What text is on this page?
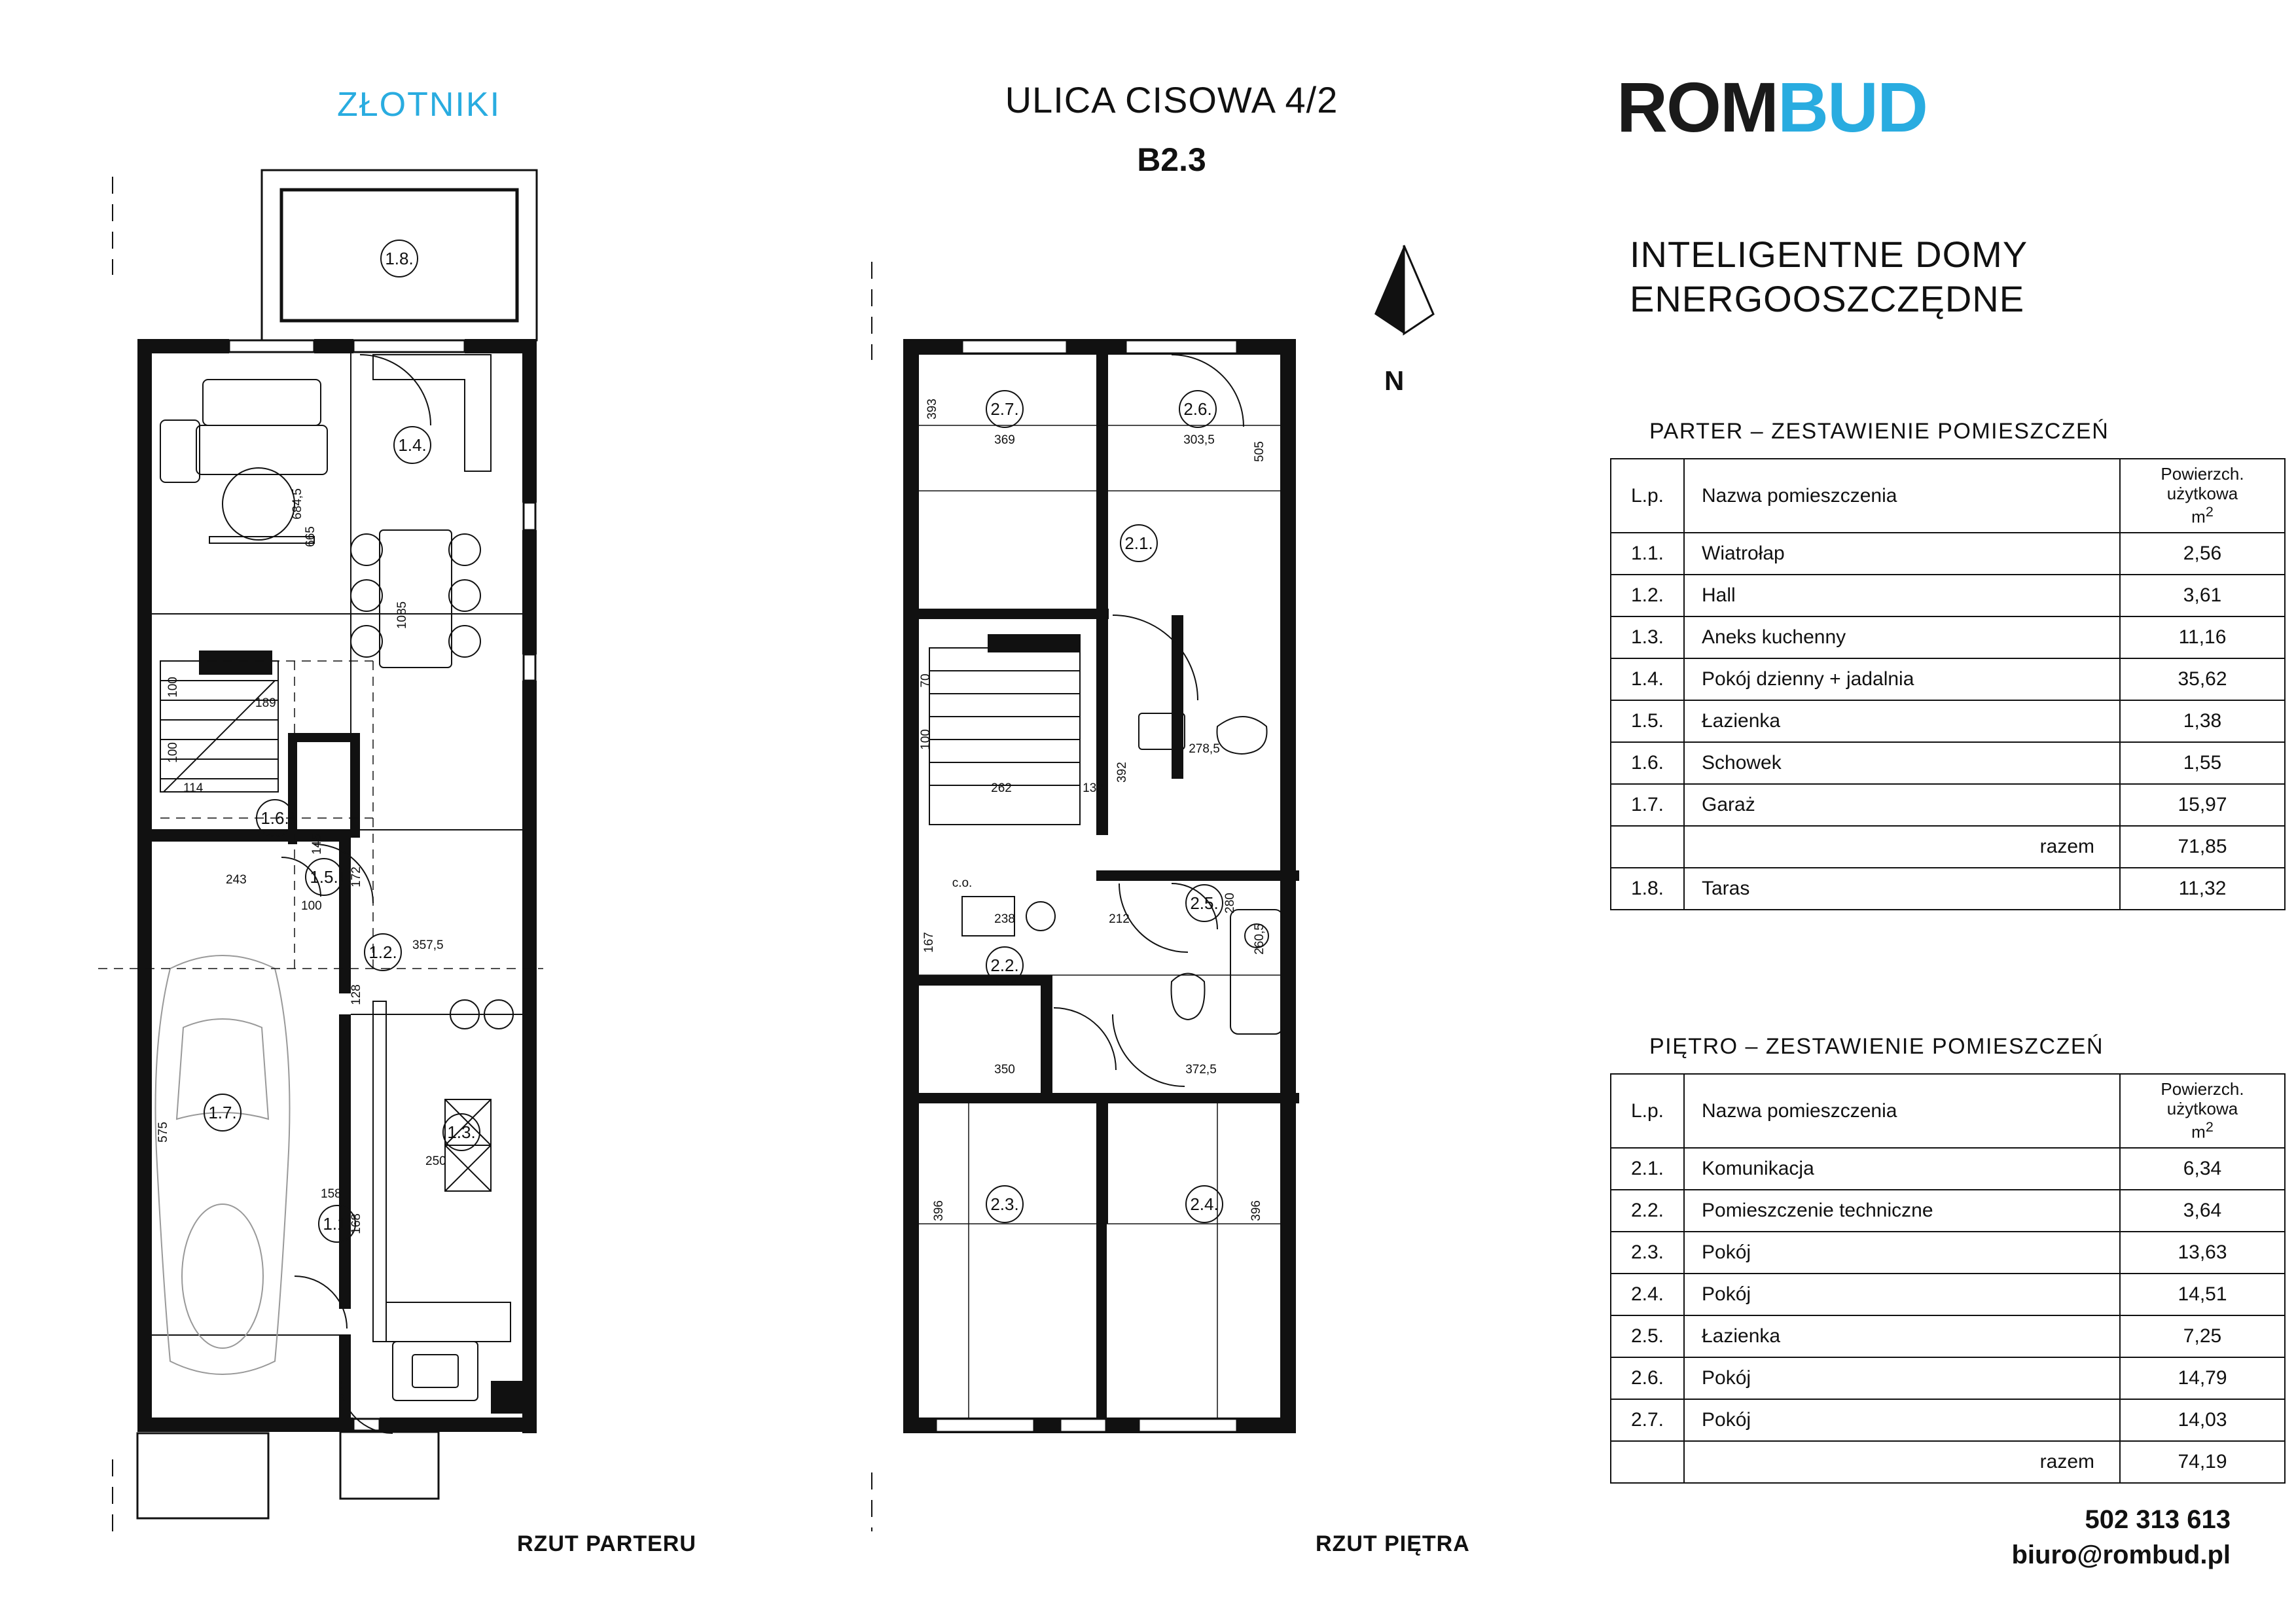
ZŁOTNIKI	ULICA CISOWA 4/2
B2.3
ROMBUD
INTELIGENTNE DOMY
ENERGOOSZCZĘDNE
N
1.8.
1.4.
1.6.
1.5.
1.2.
1.3.
1.7.
1.1.
684,5
665
100
100
189
114
1085
357,5
243	172
145
100
128
250
158
168
575
2.7.	2.6.
2.1.
2.5.
2.2.
2.3.	2.4.
393
369	303,5
505
70
100
262	132
392
278,5
280
260,5
167
238	212
350	372,5
396	396
c.o.
RZUT PARTERU	RZUT PIĘTRA
PARTER – ZESTAWIENIE POMIESZCZEŃ
L.p.	Nazwa pomieszczenia	Powierzch.
użytkowa
$m^2$
1.1.	Wiatrołap	2,56
1.2.	Hall	3,61
1.3.	Aneks kuchenny	11,16
1.4.	Pokój dzienny + jadalnia	35,62
1.5.	Łazienka	1,38
1.6.	Schowek	1,55
1.7.	Garaż	15,97
	razem	71,85
1.8.	Taras	11,32
PIĘTRO – ZESTAWIENIE POMIESZCZEŃ
L.p.	Nazwa pomieszczenia	Powierzch.
użytkowa
$m^2$
2.1.	Komunikacja	6,34
2.2.	Pomieszczenie techniczne	3,64
2.3.	Pokój	13,63
2.4.	Pokój	14,51
2.5.	Łazienka	7,25
2.6.	Pokój	14,79
2.7.	Pokój	14,03
	razem	74,19
502 313 613
biuro@rombud.pl
